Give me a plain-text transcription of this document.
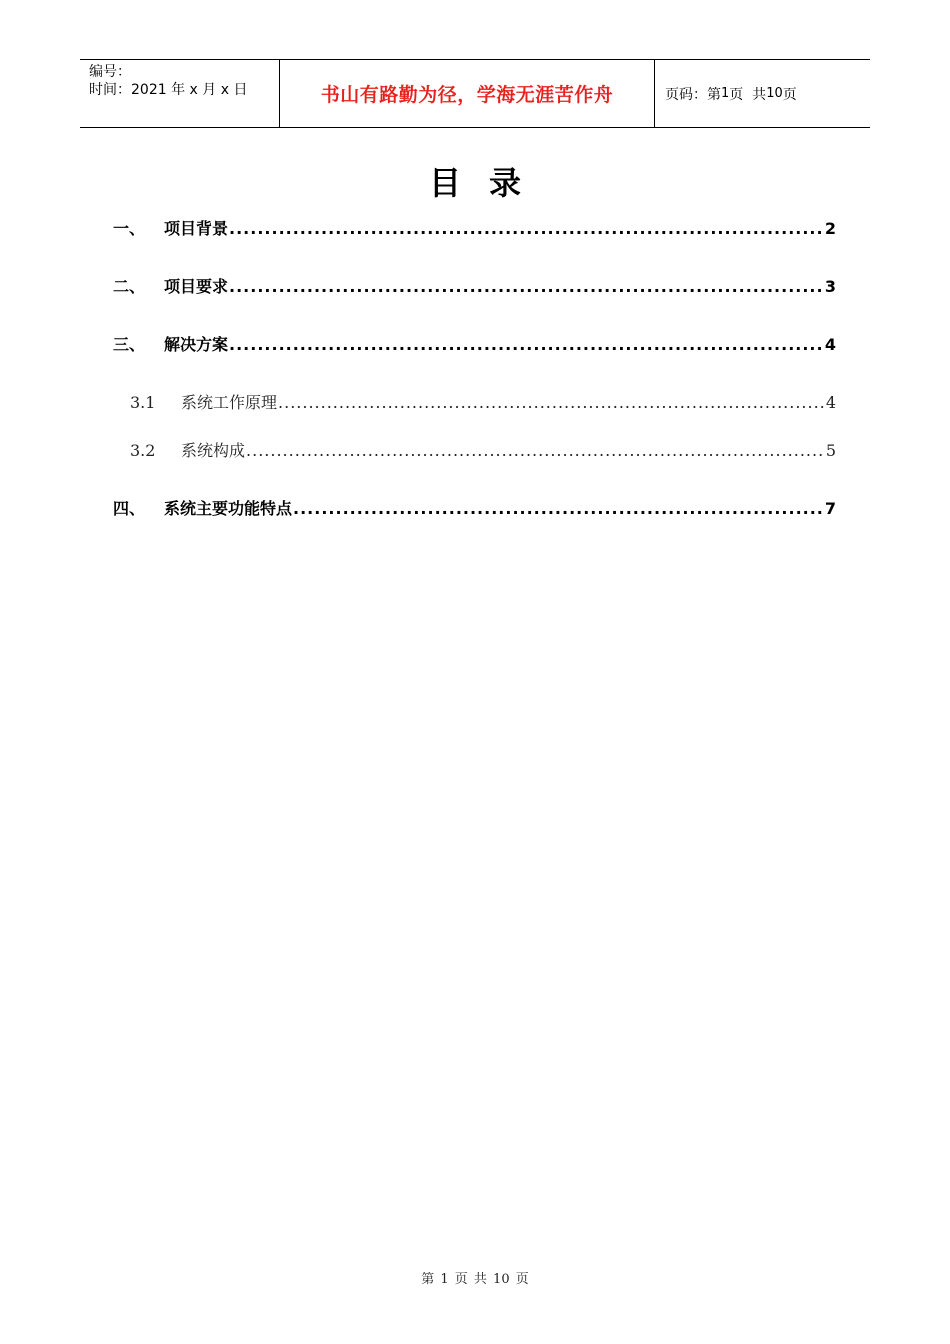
编号：
时间：2021 年 x 月 x 日	书山有路勤为径，学海无涯苦作舟	页码：第 1 页  共 10 页
目录
一、	项目背景 .....	2
二、	项目要求 .....	3
三、	解决方案 .....	4
3.1	系统工作原理 .....	4
3.2	系统构成 .....	5
四、	系统主要功能特点 .....	7
第 1 页 共 10 页
